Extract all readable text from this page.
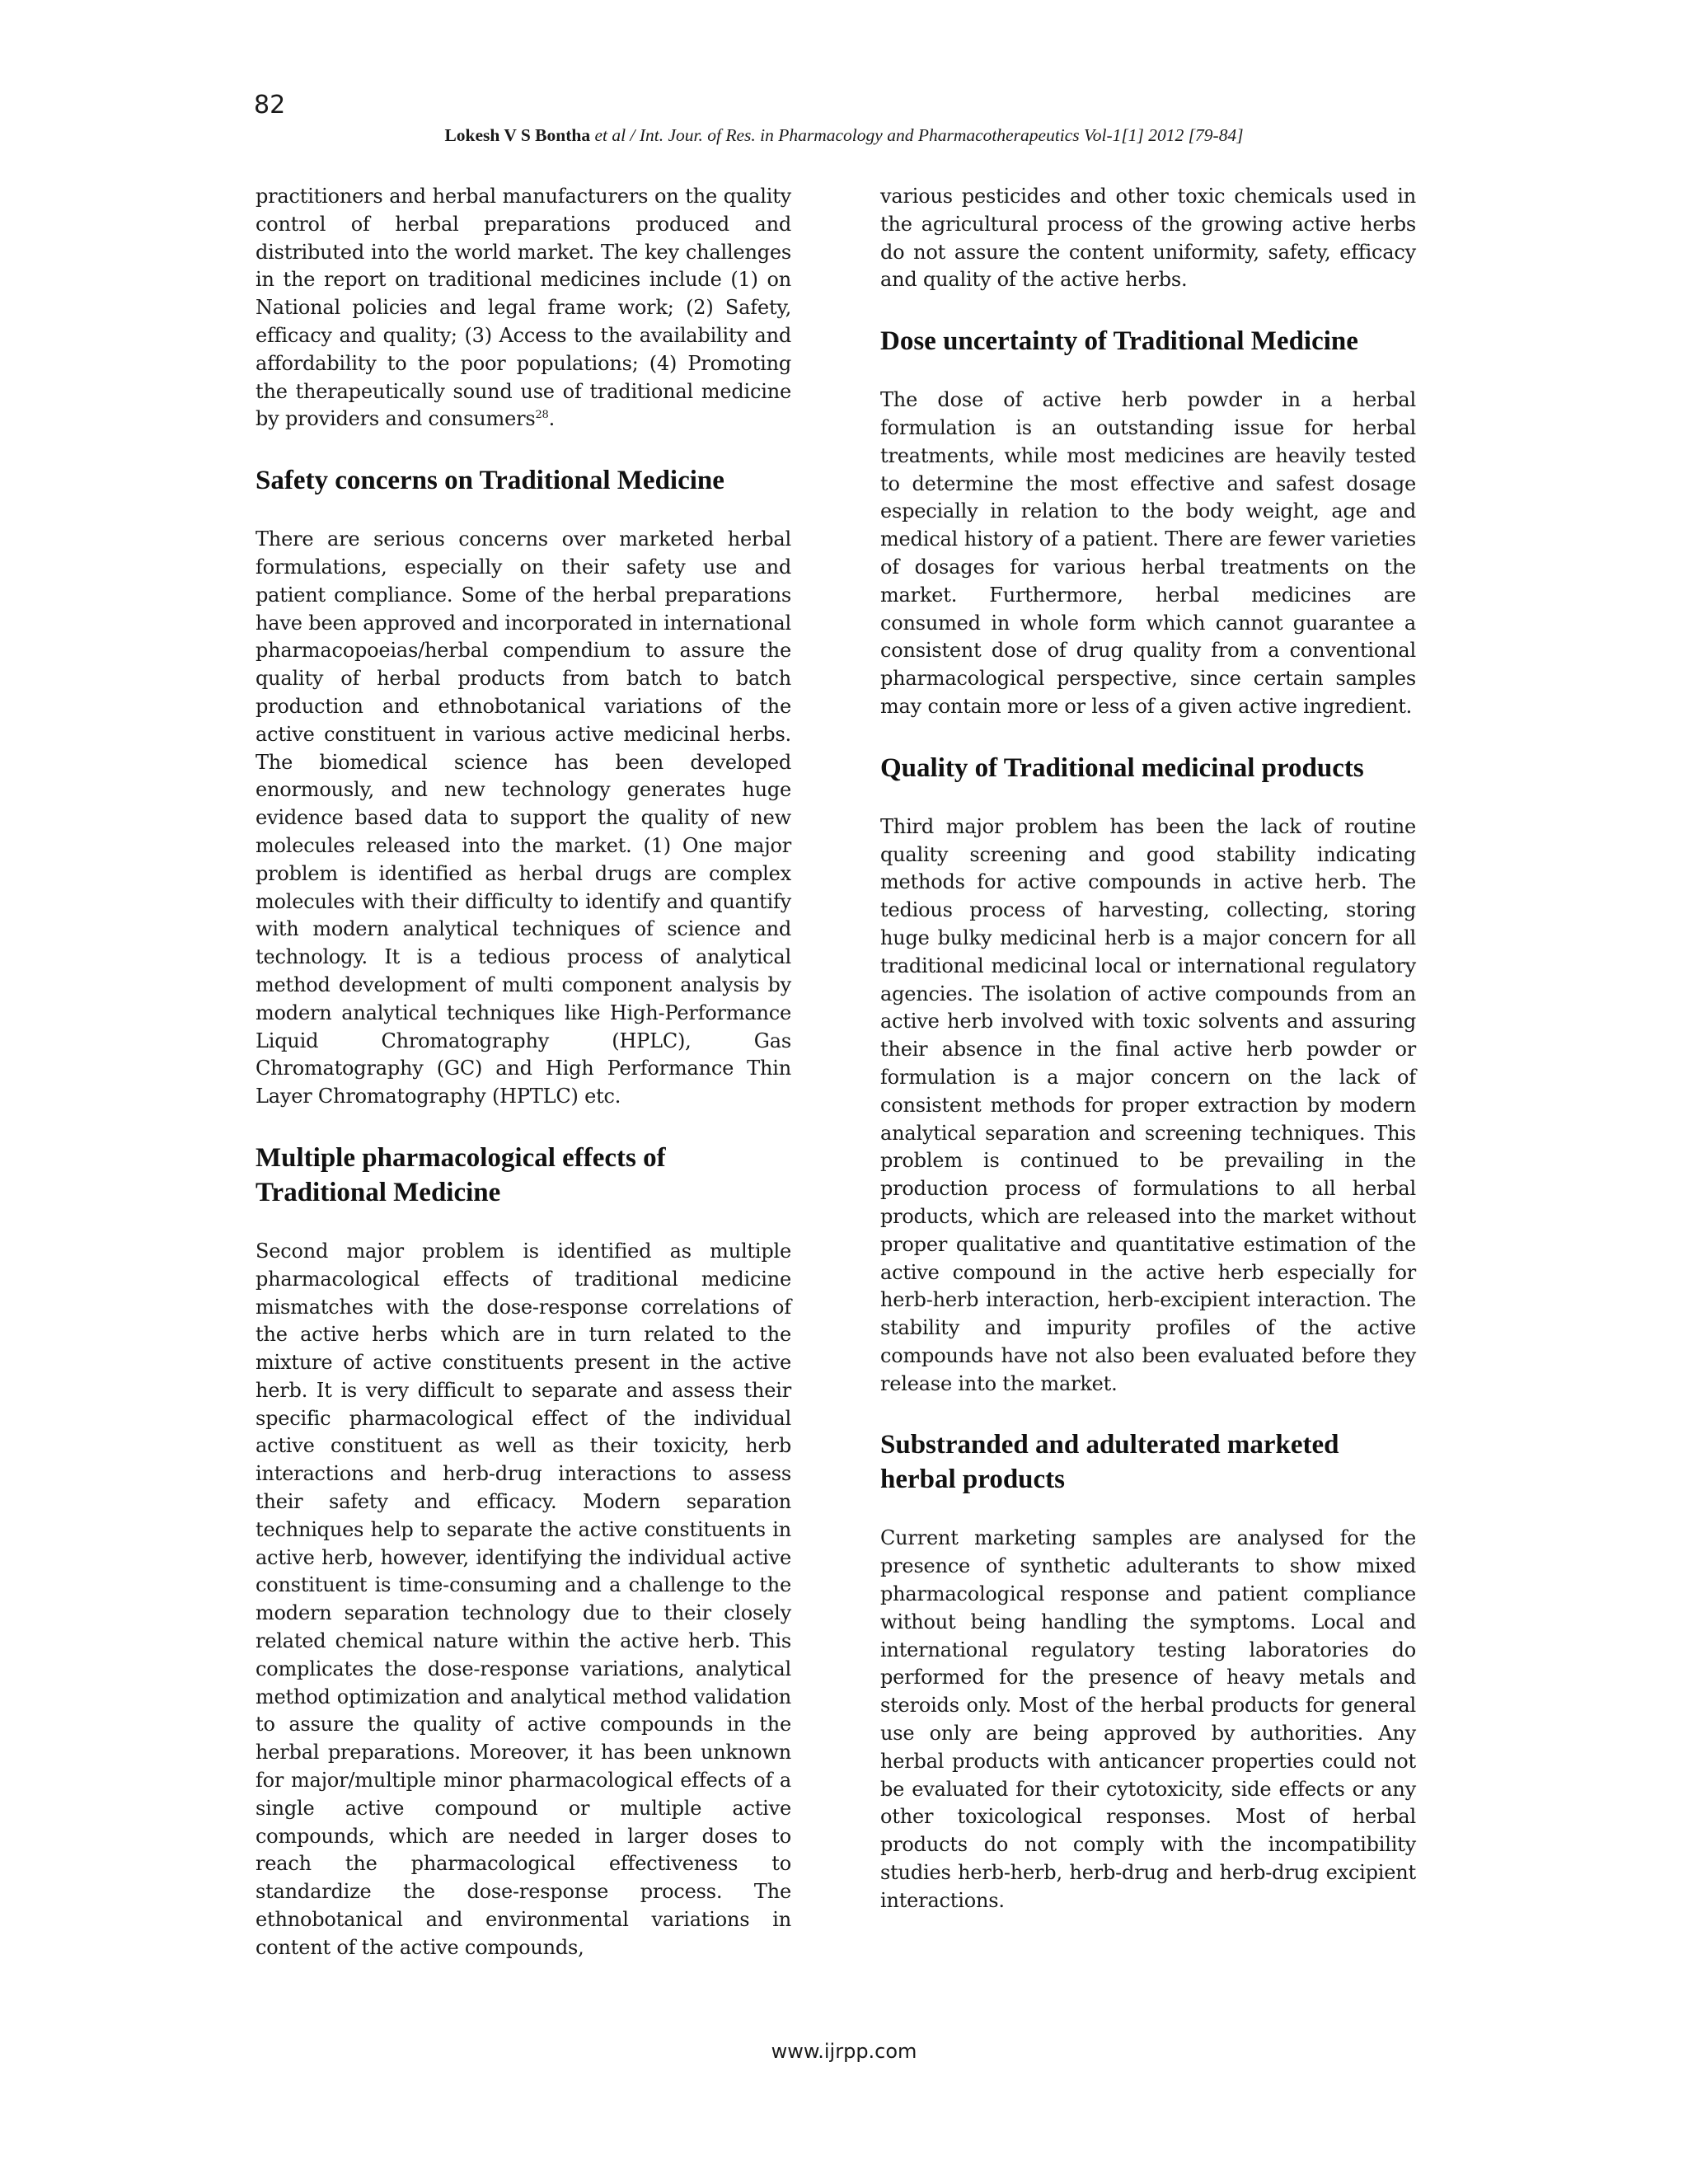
82
Lokesh V S Bontha et al / Int. Jour. of Res. in Pharmacology and Pharmacotherapeutics Vol-1[1] 2012 [79-84]

practitioners and herbal manufacturers on the quality control of herbal preparations produced and distributed into the world market. The key challenges in the report on traditional medicines include (1) on National policies and legal frame work; (2) Safety, efficacy and quality; (3) Access to the availability and affordability to the poor populations; (4) Promoting the therapeutically sound use of traditional medicine by providers and consumers$^{28}$.

Safety concerns on Traditional Medicine

There are serious concerns over marketed herbal formulations, especially on their safety use and patient compliance. Some of the herbal preparations have been approved and incorporated in international pharmacopoeias/herbal compendium to assure the quality of herbal products from batch to batch production and ethnobotanical variations of the active constituent in various active medicinal herbs. The biomedical science has been developed enormously, and new technology generates huge evidence based data to support the quality of new molecules released into the market. (1) One major problem is identified as herbal drugs are complex molecules with their difficulty to identify and quantify with modern analytical techniques of science and technology. It is a tedious process of analytical method development of multi component analysis by modern analytical techniques like High-Performance Liquid Chromatography (HPLC), Gas Chromatography (GC) and High Performance Thin Layer Chromatography (HPTLC) etc.

Multiple pharmacological effects of Traditional Medicine

Second major problem is identified as multiple pharmacological effects of traditional medicine mismatches with the dose-response correlations of the active herbs which are in turn related to the mixture of active constituents present in the active herb. It is very difficult to separate and assess their specific pharmacological effect of the individual active constituent as well as their toxicity, herb interactions and herb-drug interactions to assess their safety and efficacy. Modern separation techniques help to separate the active constituents in active herb, however, identifying the individual active constituent is time-consuming and a challenge to the modern separation technology due to their closely related chemical nature within the active herb. This complicates the dose-response variations, analytical method optimization and analytical method validation to assure the quality of active compounds in the herbal preparations. Moreover, it has been unknown for major/multiple minor pharmacological effects of a single active compound or multiple active compounds, which are needed in larger doses to reach the pharmacological effectiveness to standardize the dose-response process. The ethnobotanical and environmental variations in content of the active compounds,

various pesticides and other toxic chemicals used in the agricultural process of the growing active herbs do not assure the content uniformity, safety, efficacy and quality of the active herbs.

Dose uncertainty of Traditional Medicine

The dose of active herb powder in a herbal formulation is an outstanding issue for herbal treatments, while most medicines are heavily tested to determine the most effective and safest dosage especially in relation to the body weight, age and medical history of a patient. There are fewer varieties of dosages for various herbal treatments on the market. Furthermore, herbal medicines are consumed in whole form which cannot guarantee a consistent dose of drug quality from a conventional pharmacological perspective, since certain samples may contain more or less of a given active ingredient.

Quality of Traditional medicinal products

Third major problem has been the lack of routine quality screening and good stability indicating methods for active compounds in active herb. The tedious process of harvesting, collecting, storing huge bulky medicinal herb is a major concern for all traditional medicinal local or international regulatory agencies. The isolation of active compounds from an active herb involved with toxic solvents and assuring their absence in the final active herb powder or formulation is a major concern on the lack of consistent methods for proper extraction by modern analytical separation and screening techniques. This problem is continued to be prevailing in the production process of formulations to all herbal products, which are released into the market without proper qualitative and quantitative estimation of the active compound in the active herb especially for herb-herb interaction, herb-excipient interaction. The stability and impurity profiles of the active compounds have not also been evaluated before they release into the market.

Substranded and adulterated marketed herbal products

Current marketing samples are analysed for the presence of synthetic adulterants to show mixed pharmacological response and patient compliance without being handling the symptoms. Local and international regulatory testing laboratories do performed for the presence of heavy metals and steroids only. Most of the herbal products for general use only are being approved by authorities. Any herbal products with anticancer properties could not be evaluated for their cytotoxicity, side effects or any other toxicological responses. Most of herbal products do not comply with the incompatibility studies herb-herb, herb-drug and herb-drug excipient interactions.

www.ijrpp.com
